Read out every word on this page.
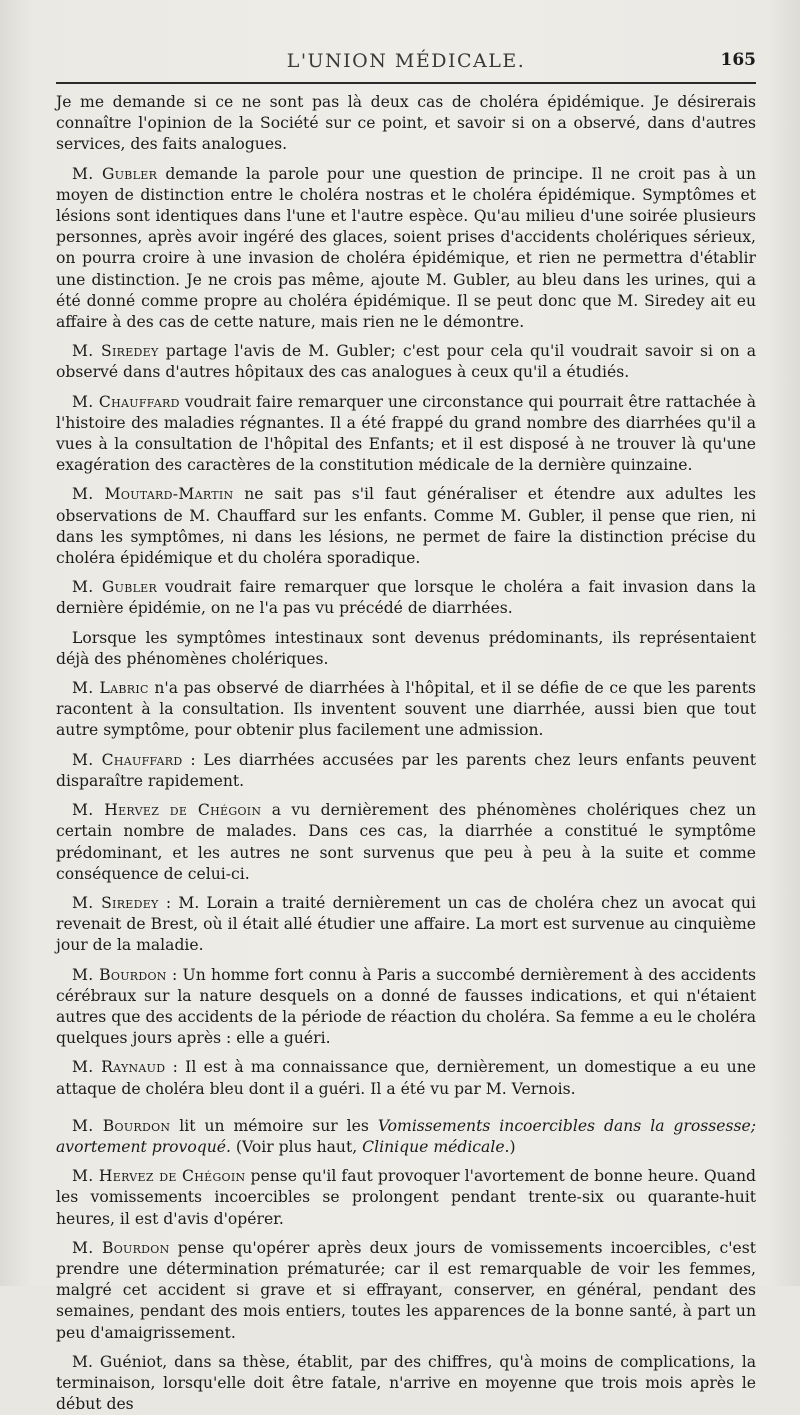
L'UNION MÉDICALE.	165

Je me demande si ce ne sont pas là deux cas de choléra épidémique. Je désirerais connaître l'opinion de la Société sur ce point, et savoir si on a observé, dans d'autres services, des faits analogues.

M. Gubler demande la parole pour une question de principe. Il ne croit pas à un moyen de distinction entre le choléra nostras et le choléra épidémique. Symptômes et lésions sont identiques dans l'une et l'autre espèce. Qu'au milieu d'une soirée plusieurs personnes, après avoir ingéré des glaces, soient prises d'accidents cholériques sérieux, on pourra croire à une invasion de choléra épidémique, et rien ne permettra d'établir une distinction. Je ne crois pas même, ajoute M. Gubler, au bleu dans les urines, qui a été donné comme propre au choléra épidémique. Il se peut donc que M. Siredey ait eu affaire à des cas de cette nature, mais rien ne le démontre.

M. Siredey partage l'avis de M. Gubler; c'est pour cela qu'il voudrait savoir si on a observé dans d'autres hôpitaux des cas analogues à ceux qu'il a étudiés.

M. Chauffard voudrait faire remarquer une circonstance qui pourrait être rattachée à l'histoire des maladies régnantes. Il a été frappé du grand nombre des diarrhées qu'il a vues à la consultation de l'hôpital des Enfants; et il est disposé à ne trouver là qu'une exagération des caractères de la constitution médicale de la dernière quinzaine.

M. Moutard-Martin ne sait pas s'il faut généraliser et étendre aux adultes les observations de M. Chauffard sur les enfants. Comme M. Gubler, il pense que rien, ni dans les symptômes, ni dans les lésions, ne permet de faire la distinction précise du choléra épidémique et du choléra sporadique.

M. Gubler voudrait faire remarquer que lorsque le choléra a fait invasion dans la dernière épidémie, on ne l'a pas vu précédé de diarrhées.

Lorsque les symptômes intestinaux sont devenus prédominants, ils représentaient déjà des phénomènes cholériques.

M. Labric n'a pas observé de diarrhées à l'hôpital, et il se défie de ce que les parents racontent à la consultation. Ils inventent souvent une diarrhée, aussi bien que tout autre symptôme, pour obtenir plus facilement une admission.

M. Chauffard : Les diarrhées accusées par les parents chez leurs enfants peuvent disparaître rapidement.

M. Hervez de Chégoin a vu dernièrement des phénomènes cholériques chez un certain nombre de malades. Dans ces cas, la diarrhée a constitué le symptôme prédominant, et les autres ne sont survenus que peu à peu à la suite et comme conséquence de celui-ci.

M. Siredey : M. Lorain a traité dernièrement un cas de choléra chez un avocat qui revenait de Brest, où il était allé étudier une affaire. La mort est survenue au cinquième jour de la maladie.

M. Bourdon : Un homme fort connu à Paris a succombé dernièrement à des accidents cérébraux sur la nature desquels on a donné de fausses indications, et qui n'étaient autres que des accidents de la période de réaction du choléra. Sa femme a eu le choléra quelques jours après : elle a guéri.

M. Raynaud : Il est à ma connaissance que, dernièrement, un domestique a eu une attaque de choléra bleu dont il a guéri. Il a été vu par M. Vernois.

M. Bourdon lit un mémoire sur les Vomissements incoercibles dans la grossesse; avortement provoqué. (Voir plus haut, Clinique médicale.)

M. Hervez de Chégoin pense qu'il faut provoquer l'avortement de bonne heure. Quand les vomissements incoercibles se prolongent pendant trente-six ou quarante-huit heures, il est d'avis d'opérer.

M. Bourdon pense qu'opérer après deux jours de vomissements incoercibles, c'est prendre une détermination prématurée; car il est remarquable de voir les femmes, malgré cet accident si grave et si effrayant, conserver, en général, pendant des semaines, pendant des mois entiers, toutes les apparences de la bonne santé, à part un peu d'amaigrissement.

M. Guéniot, dans sa thèse, établit, par des chiffres, qu'à moins de complications, la terminaison, lorsqu'elle doit être fatale, n'arrive en moyenne que trois mois après le début des
